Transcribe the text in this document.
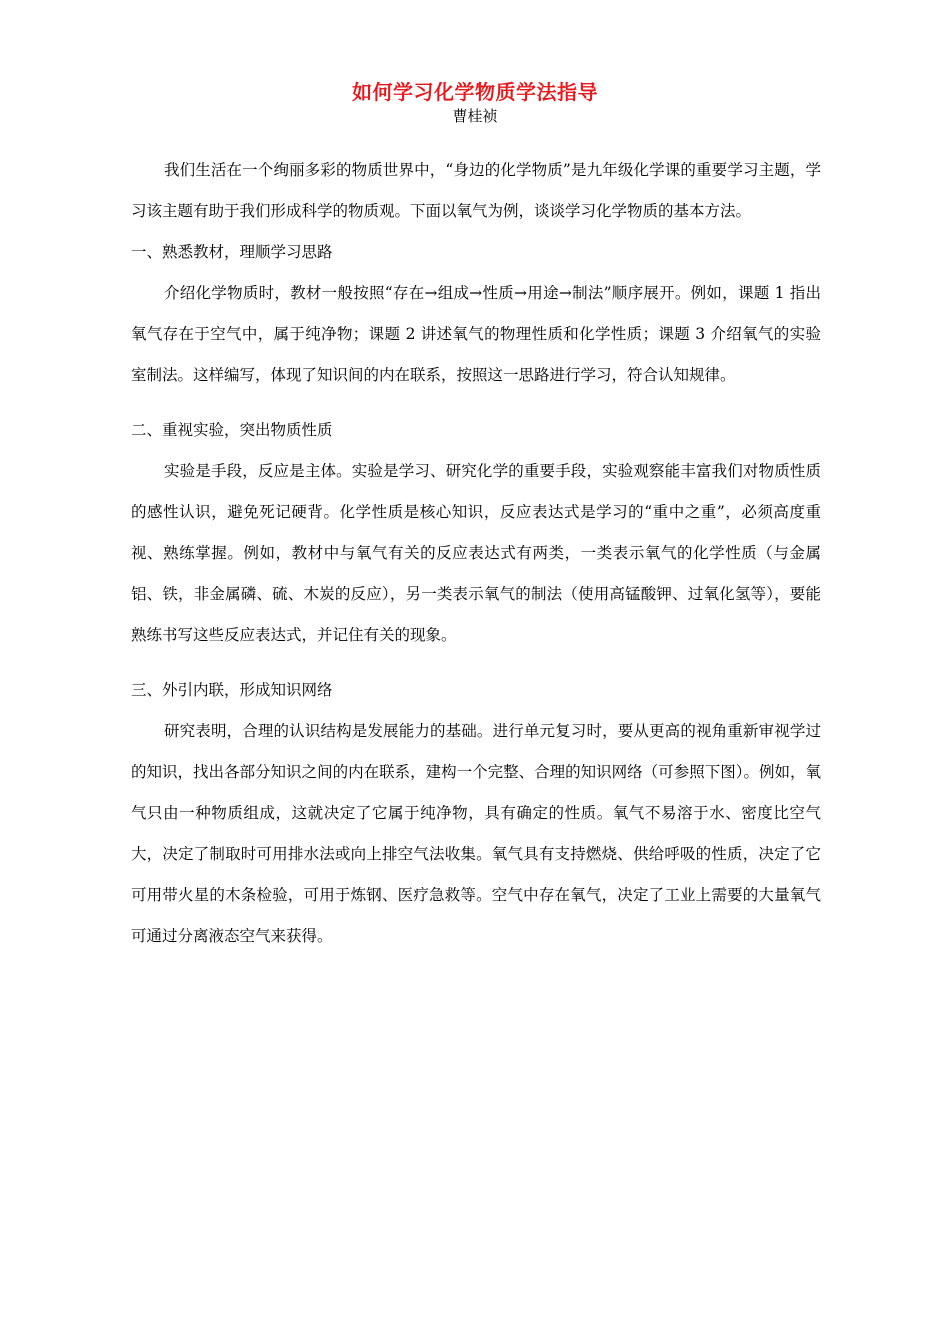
如何学习化学物质学法指导
曹桂祯

我们生活在一个绚丽多彩的物质世界中，“身边的化学物质”是九年级化学课的重要学习主题，学习该主题有助于我们形成科学的物质观。下面以氧气为例，谈谈学习化学物质的基本方法。

一、熟悉教材，理顺学习思路

介绍化学物质时，教材一般按照“存在→组成→性质→用途→制法”顺序展开。例如，课题 1 指出氧气存在于空气中，属于纯净物；课题 2 讲述氧气的物理性质和化学性质；课题 3 介绍氧气的实验室制法。这样编写，体现了知识间的内在联系，按照这一思路进行学习，符合认知规律。

二、重视实验，突出物质性质

实验是手段，反应是主体。实验是学习、研究化学的重要手段，实验观察能丰富我们对物质性质的感性认识，避免死记硬背。化学性质是核心知识，反应表达式是学习的“重中之重”，必须高度重视、熟练掌握。例如，教材中与氧气有关的反应表达式有两类，一类表示氧气的化学性质（与金属铝、铁，非金属磷、硫、木炭的反应），另一类表示氧气的制法（使用高锰酸钾、过氧化氢等），要能熟练书写这些反应表达式，并记住有关的现象。

三、外引内联，形成知识网络

研究表明，合理的认识结构是发展能力的基础。进行单元复习时，要从更高的视角重新审视学过的知识，找出各部分知识之间的内在联系，建构一个完整、合理的知识网络（可参照下图）。例如，氧气只由一种物质组成，这就决定了它属于纯净物，具有确定的性质。氧气不易溶于水、密度比空气大，决定了制取时可用排水法或向上排空气法收集。氧气具有支持燃烧、供给呼吸的性质，决定了它可用带火星的木条检验，可用于炼钢、医疗急救等。空气中存在氧气，决定了工业上需要的大量氧气可通过分离液态空气来获得。
